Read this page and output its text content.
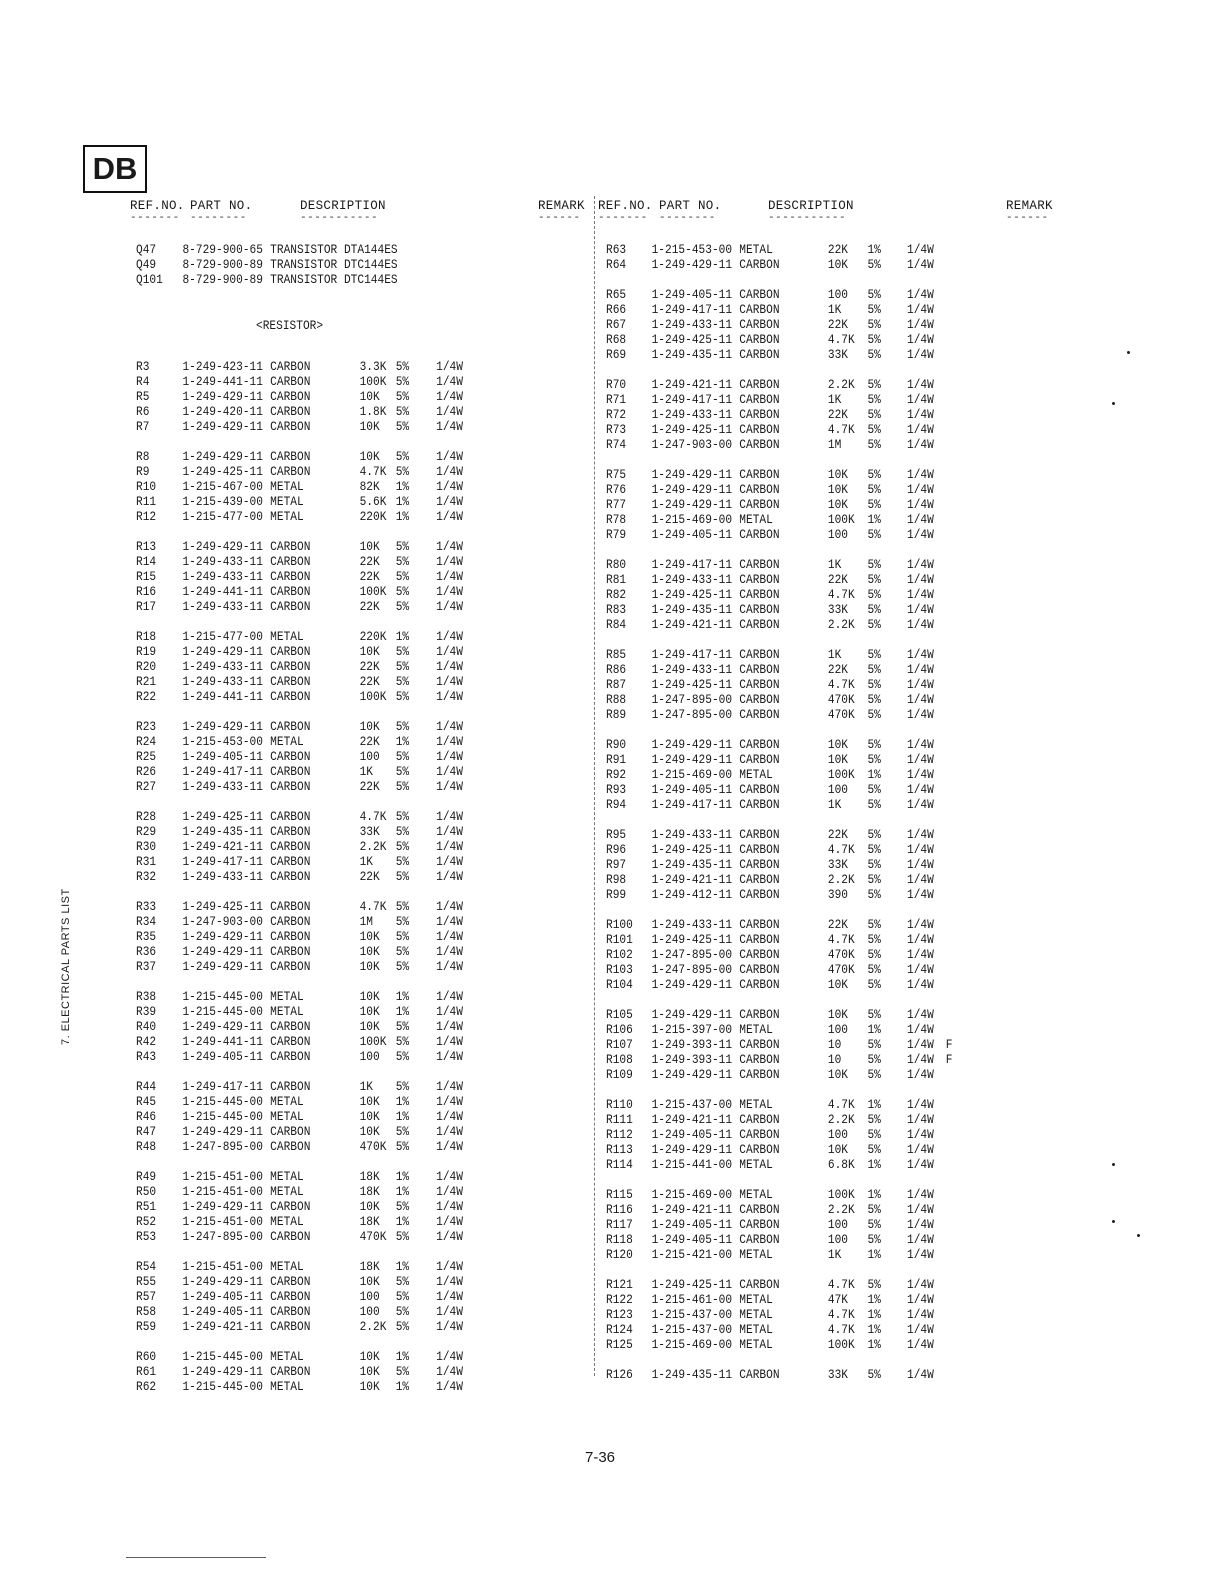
DB
REF.NO. PART NO.	DESCRIPTION	REMARK
------- --------	-----------	------
REF.NO. PART NO.	DESCRIPTION	REMARK
------- --------	-----------	------
<RESISTOR>
Q47 8-729-900-65 TRANSISTOR DTA144ES
Q49 8-729-900-89 TRANSISTOR DTC144ES
Q101 8-729-900-89 TRANSISTOR DTC144ES
R3	1-249-423-11 CARBON	3.3K 5% 1/4W
R4	1-249-441-11 CARBON	100K 5% 1/4W
R5	1-249-429-11 CARBON	10K 5% 1/4W
R6	1-249-420-11 CARBON	1.8K 5% 1/4W
R7	1-249-429-11 CARBON	10K 5% 1/4W
R8	1-249-429-11 CARBON	10K 5% 1/4W
R9	1-249-425-11 CARBON	4.7K 5% 1/4W
R10 1-215-467-00 METAL	82K 1% 1/4W
R11 1-215-439-00 METAL	5.6K 1% 1/4W
R12 1-215-477-00 METAL	220K 1% 1/4W
R13 1-249-429-11 CARBON	10K 5% 1/4W
R14 1-249-433-11 CARBON	22K 5% 1/4W
R15 1-249-433-11 CARBON	22K 5% 1/4W
R16 1-249-441-11 CARBON	100K 5% 1/4W
R17 1-249-433-11 CARBON	22K 5% 1/4W
R18 1-215-477-00 METAL	220K 1% 1/4W
R19 1-249-429-11 CARBON	10K 5% 1/4W
R20 1-249-433-11 CARBON	22K 5% 1/4W
R21 1-249-433-11 CARBON	22K 5% 1/4W
R22 1-249-441-11 CARBON	100K 5% 1/4W
R23 1-249-429-11 CARBON	10K 5% 1/4W
R24 1-215-453-00 METAL	22K 1% 1/4W
R25 1-249-405-11 CARBON	100 5% 1/4W
R26 1-249-417-11 CARBON	1K 5% 1/4W
R27 1-249-433-11 CARBON	22K 5% 1/4W
R28 1-249-425-11 CARBON	4.7K 5% 1/4W
R29 1-249-435-11 CARBON	33K 5% 1/4W
R30 1-249-421-11 CARBON	2.2K 5% 1/4W
R31 1-249-417-11 CARBON	1K 5% 1/4W
R32 1-249-433-11 CARBON	22K 5% 1/4W
R33 1-249-425-11 CARBON	4.7K 5% 1/4W
R34 1-247-903-00 CARBON	1M 5% 1/4W
R35 1-249-429-11 CARBON	10K 5% 1/4W
R36 1-249-429-11 CARBON	10K 5% 1/4W
R37 1-249-429-11 CARBON	10K 5% 1/4W
R38 1-215-445-00 METAL	10K 1% 1/4W
R39 1-215-445-00 METAL	10K 1% 1/4W
R40 1-249-429-11 CARBON	10K 5% 1/4W
R42 1-249-441-11 CARBON	100K 5% 1/4W
R43 1-249-405-11 CARBON	100 5% 1/4W
R44 1-249-417-11 CARBON	1K 5% 1/4W
R45 1-215-445-00 METAL	10K 1% 1/4W
R46 1-215-445-00 METAL	10K 1% 1/4W
R47 1-249-429-11 CARBON	10K 5% 1/4W
R48 1-247-895-00 CARBON	470K 5% 1/4W
R49 1-215-451-00 METAL	18K 1% 1/4W
R50 1-215-451-00 METAL	18K 1% 1/4W
R51 1-249-429-11 CARBON	10K 5% 1/4W
R52 1-215-451-00 METAL	18K 1% 1/4W
R53 1-247-895-00 CARBON	470K 5% 1/4W
R54 1-215-451-00 METAL	18K 1% 1/4W
R55 1-249-429-11 CARBON	10K 5% 1/4W
R57 1-249-405-11 CARBON	100 5% 1/4W
R58 1-249-405-11 CARBON	100 5% 1/4W
R59 1-249-421-11 CARBON	2.2K 5% 1/4W
R60 1-215-445-00 METAL	10K 1% 1/4W
R61 1-249-429-11 CARBON	10K 5% 1/4W
R62 1-215-445-00 METAL	10K 1% 1/4W
R63 1-215-453-00 METAL	22K 1% 1/4W
R64 1-249-429-11 CARBON	10K 5% 1/4W
R65 1-249-405-11 CARBON	100 5% 1/4W
R66 1-249-417-11 CARBON	1K 5% 1/4W
R67 1-249-433-11 CARBON	22K 5% 1/4W
R68 1-249-425-11 CARBON	4.7K 5% 1/4W
R69 1-249-435-11 CARBON	33K 5% 1/4W
R70 1-249-421-11 CARBON	2.2K 5% 1/4W
R71 1-249-417-11 CARBON	1K 5% 1/4W
R72 1-249-433-11 CARBON	22K 5% 1/4W
R73 1-249-425-11 CARBON	4.7K 5% 1/4W
R74 1-247-903-00 CARBON	1M 5% 1/4W
R75 1-249-429-11 CARBON	10K 5% 1/4W
R76 1-249-429-11 CARBON	10K 5% 1/4W
R77 1-249-429-11 CARBON	10K 5% 1/4W
R78 1-215-469-00 METAL	100K 1% 1/4W
R79 1-249-405-11 CARBON	100 5% 1/4W
R80 1-249-417-11 CARBON	1K 5% 1/4W
R81 1-249-433-11 CARBON	22K 5% 1/4W
R82 1-249-425-11 CARBON	4.7K 5% 1/4W
R83 1-249-435-11 CARBON	33K 5% 1/4W
R84 1-249-421-11 CARBON	2.2K 5% 1/4W
R85 1-249-417-11 CARBON	1K 5% 1/4W
R86 1-249-433-11 CARBON	22K 5% 1/4W
R87 1-249-425-11 CARBON	4.7K 5% 1/4W
R88 1-247-895-00 CARBON	470K 5% 1/4W
R89 1-247-895-00 CARBON	470K 5% 1/4W
R90 1-249-429-11 CARBON	10K 5% 1/4W
R91 1-249-429-11 CARBON	10K 5% 1/4W
R92 1-215-469-00 METAL	100K 1% 1/4W
R93 1-249-405-11 CARBON	100 5% 1/4W
R94 1-249-417-11 CARBON	1K 5% 1/4W
R95 1-249-433-11 CARBON	22K 5% 1/4W
R96 1-249-425-11 CARBON	4.7K 5% 1/4W
R97 1-249-435-11 CARBON	33K 5% 1/4W
R98 1-249-421-11 CARBON	2.2K 5% 1/4W
R99 1-249-412-11 CARBON	390 5% 1/4W
R100 1-249-433-11 CARBON	22K 5% 1/4W
R101 1-249-425-11 CARBON	4.7K 5% 1/4W
R102 1-247-895-00 CARBON	470K 5% 1/4W
R103 1-247-895-00 CARBON	470K 5% 1/4W
R104 1-249-429-11 CARBON	10K 5% 1/4W
R105 1-249-429-11 CARBON	10K 5% 1/4W
R106 1-215-397-00 METAL	100 1% 1/4W
R107 1-249-393-11 CARBON	10 5% 1/4W F
R108 1-249-393-11 CARBON	10 5% 1/4W F
R109 1-249-429-11 CARBON	10K 5% 1/4W
R110 1-215-437-00 METAL	4.7K 1% 1/4W
R111 1-249-421-11 CARBON	2.2K 5% 1/4W
R112 1-249-405-11 CARBON	100 5% 1/4W
R113 1-249-429-11 CARBON	10K 5% 1/4W
R114 1-215-441-00 METAL	6.8K 1% 1/4W
R115 1-215-469-00 METAL	100K 1% 1/4W
R116 1-249-421-11 CARBON	2.2K 5% 1/4W
R117 1-249-405-11 CARBON	100 5% 1/4W
R118 1-249-405-11 CARBON	100 5% 1/4W
R120 1-215-421-00 METAL	1K 1% 1/4W
R121 1-249-425-11 CARBON	4.7K 5% 1/4W
R122 1-215-461-00 METAL	47K 1% 1/4W
R123 1-215-437-00 METAL	4.7K 1% 1/4W
R124 1-215-437-00 METAL	4.7K 1% 1/4W
R125 1-215-469-00 METAL	100K 1% 1/4W
R126 1-249-435-11 CARBON	33K 5% 1/4W
7. ELECTRICAL PARTS LIST
7-36
